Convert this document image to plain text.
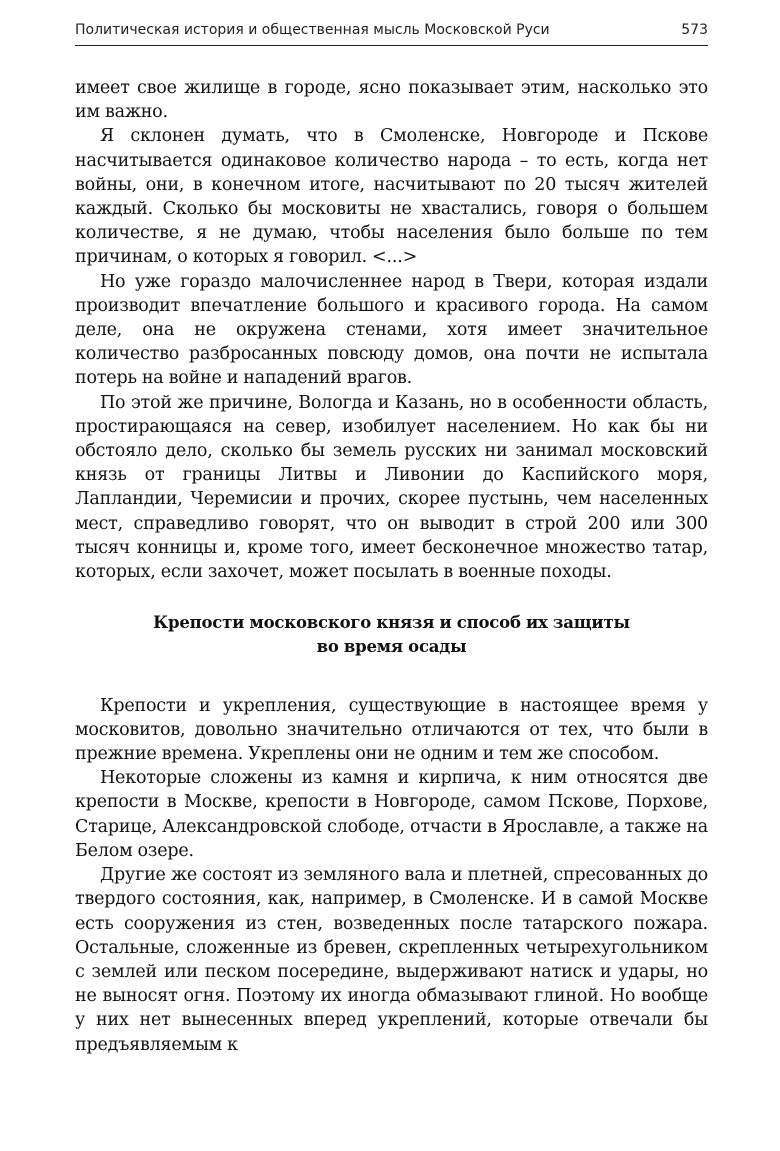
Политическая история и общественная мысль Московской Руси	573

имеет свое жилище в городе, ясно показывает этим, насколько это им важно.

Я склонен думать, что в Смоленске, Новгороде и Пскове насчитывается одинаковое количество народа – то есть, когда нет войны, они, в конечном итоге, насчитывают по 20 тысяч жителей каждый. Сколько бы московиты не хвастались, говоря о большем количестве, я не думаю, чтобы населения было больше по тем причинам, о которых я говорил. <...>

Но уже гораздо малочисленнее народ в Твери, которая издали производит впечатление большого и красивого города. На самом деле, она не окружена стенами, хотя имеет значительное количество разбросанных повсюду домов, она почти не испытала потерь на войне и нападений врагов.

По этой же причине, Вологда и Казань, но в особенности область, простирающаяся на север, изобилует населением. Но как бы ни обстояло дело, сколько бы земель русских ни занимал московский князь от границы Литвы и Ливонии до Каспийского моря, Лапландии, Черемисии и прочих, скорее пустынь, чем населенных мест, справедливо говорят, что он выводит в строй 200 или 300 тысяч конницы и, кроме того, имеет бесконечное множество татар, которых, если захочет, может посылать в военные походы.

Крепости московского князя и способ их защиты
во время осады

Крепости и укрепления, существующие в настоящее время у московитов, довольно значительно отличаются от тех, что были в прежние времена. Укреплены они не одним и тем же способом.

Некоторые сложены из камня и кирпича, к ним относятся две крепости в Москве, крепости в Новгороде, самом Пскове, Порхове, Старице, Александровской слободе, отчасти в Ярославле, а также на Белом озере.

Другие же состоят из земляного вала и плетней, спресованных до твердого состояния, как, например, в Смоленске. И в самой Москве есть сооружения из стен, возведенных после татарского пожара. Остальные, сложенные из бревен, скрепленных четырехугольником с землей или песком посередине, выдерживают натиск и удары, но не выносят огня. Поэтому их иногда обмазывают глиной. Но вообще у них нет вынесенных вперед укреплений, которые отвечали бы предъявляемым к
